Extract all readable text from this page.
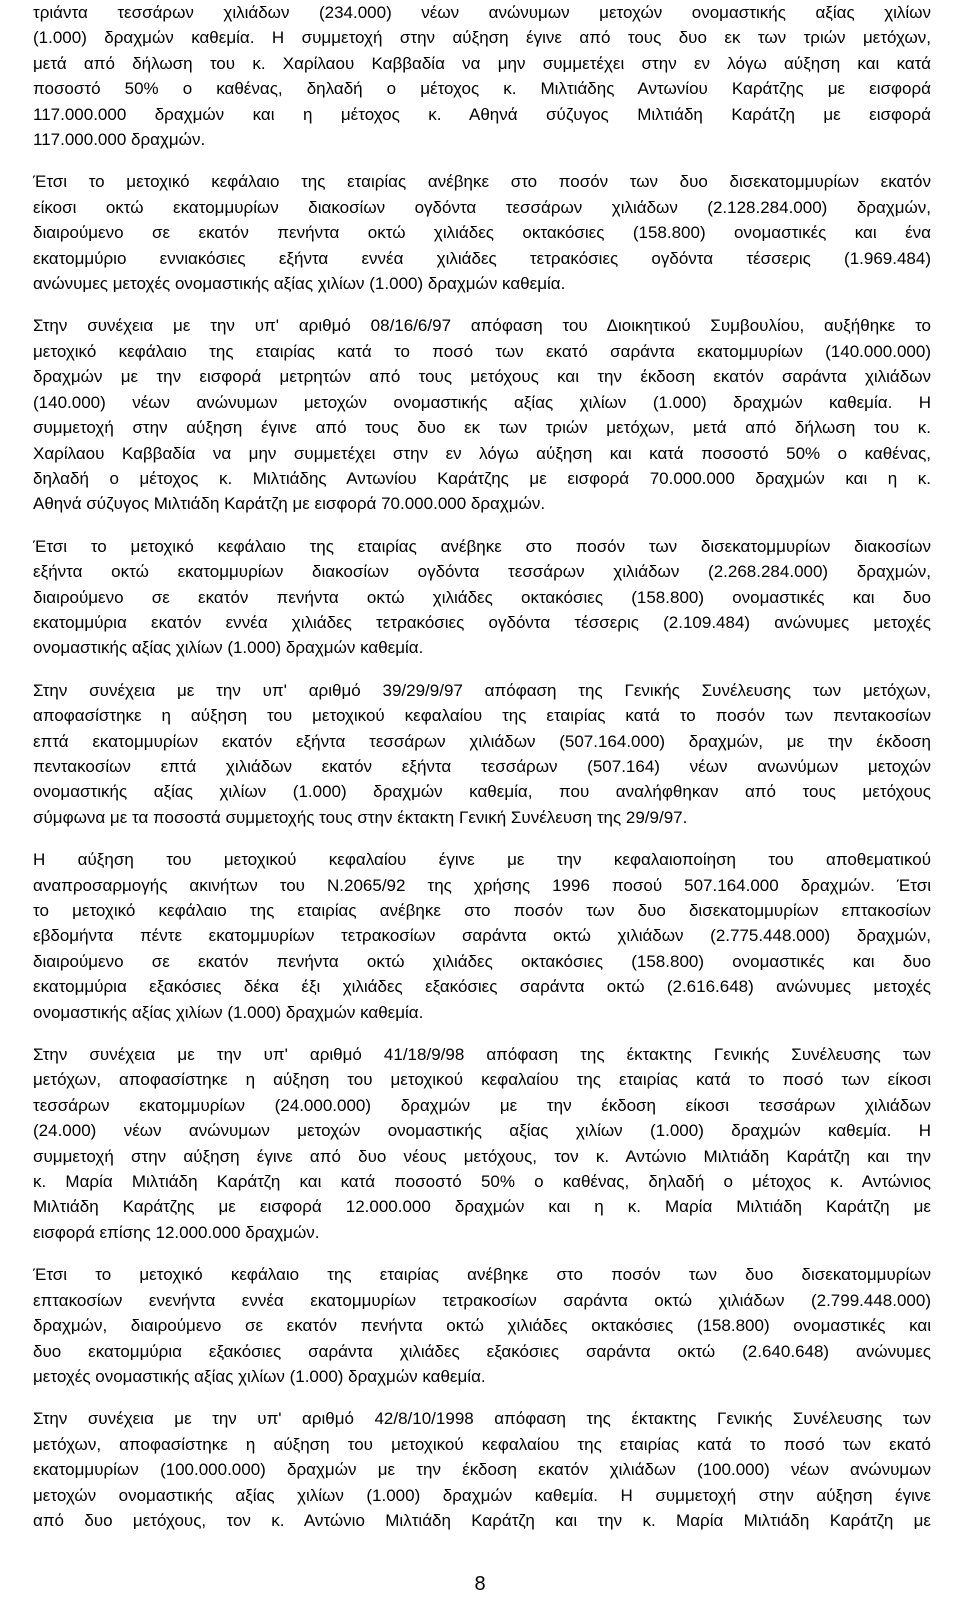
τριάντα τεσσάρων χιλιάδων (234.000) νέων ανώνυμων μετοχών ονομαστικής αξίας χιλίων
(1.000) δραχμών καθεμία. Η συμμετοχή στην αύξηση έγινε από τους δυο εκ των τριών μετόχων,
μετά από δήλωση του κ. Χαρίλαου Καββαδία να μην συμμετέχει στην εν λόγω αύξηση και κατά
ποσοστό 50% ο καθένας, δηλαδή ο μέτοχος κ. Μιλτιάδης Αντωνίου Καράτζης με εισφορά
117.000.000 δραχμών και η μέτοχος κ. Αθηνά σύζυγος Μιλτιάδη Καράτζη με εισφορά
117.000.000 δραχμών.

Έτσι το μετοχικό κεφάλαιο της εταιρίας ανέβηκε στο ποσόν των δυο δισεκατομμυρίων εκατόν
είκοσι οκτώ εκατομμυρίων διακοσίων ογδόντα τεσσάρων χιλιάδων (2.128.284.000) δραχμών,
διαιρούμενο σε εκατόν πενήντα οκτώ χιλιάδες οκτακόσιες (158.800) ονομαστικές και ένα
εκατομμύριο εννιακόσιες εξήντα εννέα χιλιάδες τετρακόσιες ογδόντα τέσσερις (1.969.484)
ανώνυμες μετοχές ονομαστικής αξίας χιλίων (1.000) δραχμών καθεμία.

Στην συνέχεια με την υπ' αριθμό 08/16/6/97 απόφαση του Διοικητικού Συμβουλίου, αυξήθηκε το
μετοχικό κεφάλαιο της εταιρίας κατά το ποσό των εκατό σαράντα εκατομμυρίων (140.000.000)
δραχμών με την εισφορά μετρητών από τους μετόχους και την έκδοση εκατόν σαράντα χιλιάδων
(140.000) νέων ανώνυμων μετοχών ονομαστικής αξίας χιλίων (1.000) δραχμών καθεμία. Η
συμμετοχή στην αύξηση έγινε από τους δυο εκ των τριών μετόχων, μετά από δήλωση του κ.
Χαρίλαου Καββαδία να μην συμμετέχει στην εν λόγω αύξηση και κατά ποσοστό 50% ο καθένας,
δηλαδή ο μέτοχος κ. Μιλτιάδης Αντωνίου Καράτζης με εισφορά 70.000.000 δραχμών και η κ.
Αθηνά σύζυγος Μιλτιάδη Καράτζη με εισφορά 70.000.000 δραχμών.

Έτσι το μετοχικό κεφάλαιο της εταιρίας ανέβηκε στο ποσόν των δισεκατομμυρίων διακοσίων
εξήντα οκτώ εκατομμυρίων διακοσίων ογδόντα τεσσάρων χιλιάδων (2.268.284.000) δραχμών,
διαιρούμενο σε εκατόν πενήντα οκτώ χιλιάδες οκτακόσιες (158.800) ονομαστικές και δυο
εκατομμύρια εκατόν εννέα χιλιάδες τετρακόσιες ογδόντα τέσσερις (2.109.484) ανώνυμες μετοχές
ονομαστικής αξίας χιλίων (1.000) δραχμών καθεμία.

Στην συνέχεια με την υπ' αριθμό 39/29/9/97 απόφαση της Γενικής Συνέλευσης των μετόχων,
αποφασίστηκε η αύξηση του μετοχικού κεφαλαίου της εταιρίας κατά το ποσόν των πεντακοσίων
επτά εκατομμυρίων εκατόν εξήντα τεσσάρων χιλιάδων (507.164.000) δραχμών, με την έκδοση
πεντακοσίων επτά χιλιάδων εκατόν εξήντα τεσσάρων (507.164) νέων ανωνύμων μετοχών
ονομαστικής αξίας χιλίων (1.000) δραχμών καθεμία, που αναλήφθηκαν από τους μετόχους
σύμφωνα με τα ποσοστά συμμετοχής τους στην έκτακτη Γενική Συνέλευση της 29/9/97.

Η αύξηση του μετοχικού κεφαλαίου έγινε με την κεφαλαιοποίηση του αποθεματικού
αναπροσαρμογής ακινήτων του Ν.2065/92 της χρήσης 1996 ποσού 507.164.000 δραχμών. Έτσι
το μετοχικό κεφάλαιο της εταιρίας ανέβηκε στο ποσόν των δυο δισεκατομμυρίων επτακοσίων
εβδομήντα πέντε εκατομμυρίων τετρακοσίων σαράντα οκτώ χιλιάδων (2.775.448.000) δραχμών,
διαιρούμενο σε εκατόν πενήντα οκτώ χιλιάδες οκτακόσιες (158.800) ονομαστικές και δυο
εκατομμύρια εξακόσιες δέκα έξι χιλιάδες εξακόσιες σαράντα οκτώ (2.616.648) ανώνυμες μετοχές
ονομαστικής αξίας χιλίων (1.000) δραχμών καθεμία.

Στην συνέχεια με την υπ' αριθμό 41/18/9/98 απόφαση της έκτακτης Γενικής Συνέλευσης των
μετόχων, αποφασίστηκε η αύξηση του μετοχικού κεφαλαίου της εταιρίας κατά το ποσό των είκοσι
τεσσάρων εκατομμυρίων (24.000.000) δραχμών με την έκδοση είκοσι τεσσάρων χιλιάδων
(24.000) νέων ανώνυμων μετοχών ονομαστικής αξίας χιλίων (1.000) δραχμών καθεμία. Η
συμμετοχή στην αύξηση έγινε από δυο νέους μετόχους, τον κ. Αντώνιο Μιλτιάδη Καράτζη και την
κ. Μαρία Μιλτιάδη Καράτζη και κατά ποσοστό 50% ο καθένας, δηλαδή ο μέτοχος κ. Αντώνιος
Μιλτιάδη Καράτζης με εισφορά 12.000.000 δραχμών και η κ. Μαρία Μιλτιάδη Καράτζη με
εισφορά επίσης 12.000.000 δραχμών.

Έτσι το μετοχικό κεφάλαιο της εταιρίας ανέβηκε στο ποσόν των δυο δισεκατομμυρίων
επτακοσίων ενενήντα εννέα εκατομμυρίων τετρακοσίων σαράντα οκτώ χιλιάδων (2.799.448.000)
δραχμών, διαιρούμενο σε εκατόν πενήντα οκτώ χιλιάδες οκτακόσιες (158.800) ονομαστικές και
δυο εκατομμύρια εξακόσιες σαράντα χιλιάδες εξακόσιες σαράντα οκτώ (2.640.648) ανώνυμες
μετοχές ονομαστικής αξίας χιλίων (1.000) δραχμών καθεμία.

Στην συνέχεια με την υπ' αριθμό 42/8/10/1998 απόφαση της έκτακτης Γενικής Συνέλευσης των
μετόχων, αποφασίστηκε η αύξηση του μετοχικού κεφαλαίου της εταιρίας κατά το ποσό των εκατό
εκατομμυρίων (100.000.000) δραχμών με την έκδοση εκατόν χιλιάδων (100.000) νέων ανώνυμων
μετοχών ονομαστικής αξίας χιλίων (1.000) δραχμών καθεμία. Η συμμετοχή στην αύξηση έγινε
από δυο μετόχους, τον κ. Αντώνιο Μιλτιάδη Καράτζη και την κ. Μαρία Μιλτιάδη Καράτζη με

8
